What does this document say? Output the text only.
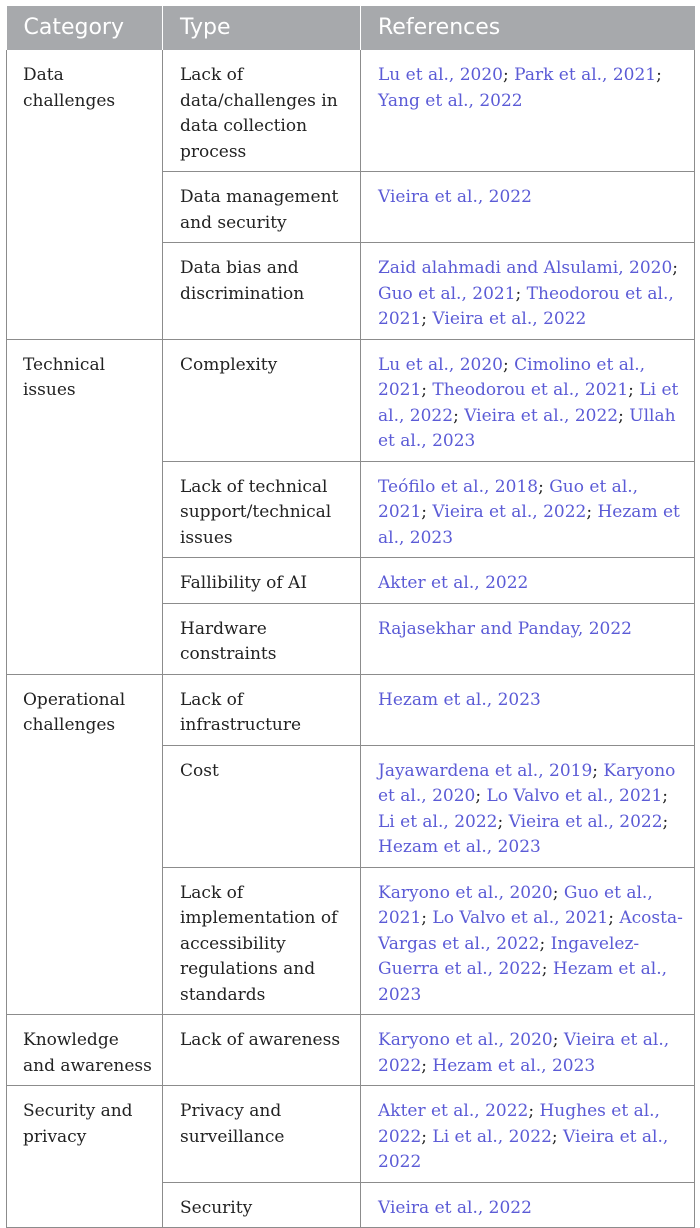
Category	Type	References
Data challenges	Lack of data/challenges in data collection process	Lu et al., 2020; Park et al., 2021; Yang et al., 2022
	Data management and security	Vieira et al., 2022
	Data bias and discrimination	Zaid alahmadi and Alsulami, 2020; Guo et al., 2021; Theodorou et al., 2021; Vieira et al., 2022
Technical issues	Complexity	Lu et al., 2020; Cimolino et al., 2021; Theodorou et al., 2021; Li et al., 2022; Vieira et al., 2022; Ullah et al., 2023
	Lack of technical support/technical issues	Teófilo et al., 2018; Guo et al., 2021; Vieira et al., 2022; Hezam et al., 2023
	Fallibility of AI	Akter et al., 2022
	Hardware constraints	Rajasekhar and Panday, 2022
Operational challenges	Lack of infrastructure	Hezam et al., 2023
	Cost	Jayawardena et al., 2019; Karyono et al., 2020; Lo Valvo et al., 2021; Li et al., 2022; Vieira et al., 2022; Hezam et al., 2023
	Lack of implementation of accessibility regulations and standards	Karyono et al., 2020; Guo et al., 2021; Lo Valvo et al., 2021; Acosta-Vargas et al., 2022; Ingavelez-Guerra et al., 2022; Hezam et al., 2023
Knowledge and awareness	Lack of awareness	Karyono et al., 2020; Vieira et al., 2022; Hezam et al., 2023
Security and privacy	Privacy and surveillance	Akter et al., 2022; Hughes et al., 2022; Li et al., 2022; Vieira et al., 2022
	Security	Vieira et al., 2022
